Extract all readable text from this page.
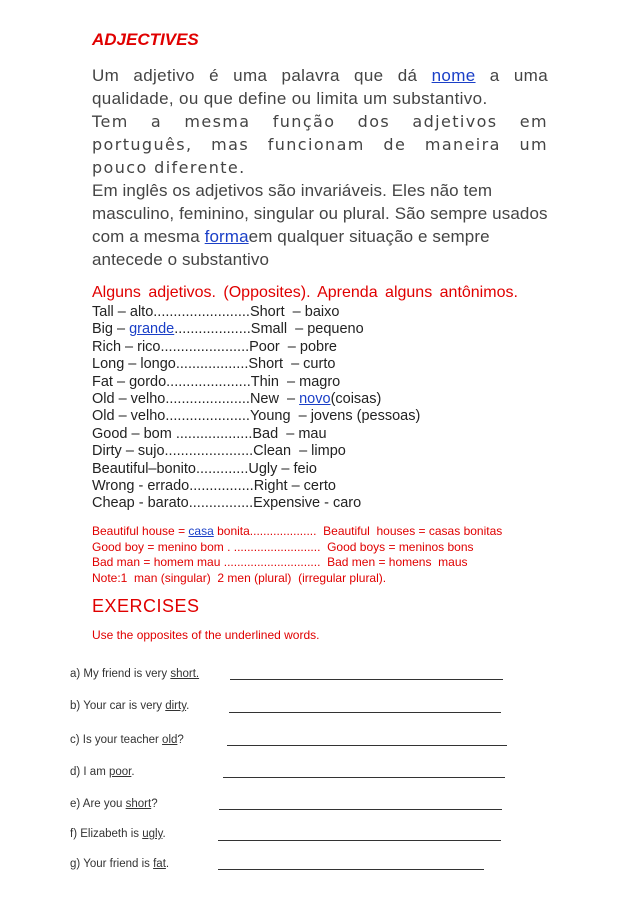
ADJECTIVES

Um adjetivo é uma palavra que dá nome a uma qualidade, ou que define ou limita um substantivo.

Tem a mesma função dos adjetivos em português, mas funcionam de maneira um pouco diferente.

Em inglês os adjetivos são invariáveis. Eles não tem masculino, feminino, singular ou plural. São sempre usados com a mesma formaem qualquer situação e sempre antecede o substantivo

Alguns adjetivos. (Opposites). Aprenda alguns antônimos.
Tall – alto........................Short  – baixo
Big – grande...................Small  – pequeno
Rich – rico......................Poor  – pobre
Long – longo..................Short  – curto
Fat – gordo.....................Thin  – magro
Old – velho.....................New  – novo(coisas)
Old – velho.....................Young  – jovens (pessoas)
Good – bom ...................Bad  – mau
Dirty – sujo......................Clean  – limpo
Beautiful–bonito.............Ugly – feio
Wrong - errado................Right – certo
Cheap - barato................Expensive - caro
Beautiful house = casa bonita....................  Beautiful  houses = casas bonitas
Good boy = menino bom . ..........................  Good boys = meninos bons
Bad man = homem mau .............................  Bad men = homens  maus
Note:1  man (singular)  2 men (plural)  (irregular plural).
EXERCISES
Use the opposites of the underlined words.
a) My friend is very short.
b) Your car is very dirty.
c) Is your teacher old?
d) I am poor.
e) Are you short?
f) Elizabeth is ugly.
g) Your friend is fat.
